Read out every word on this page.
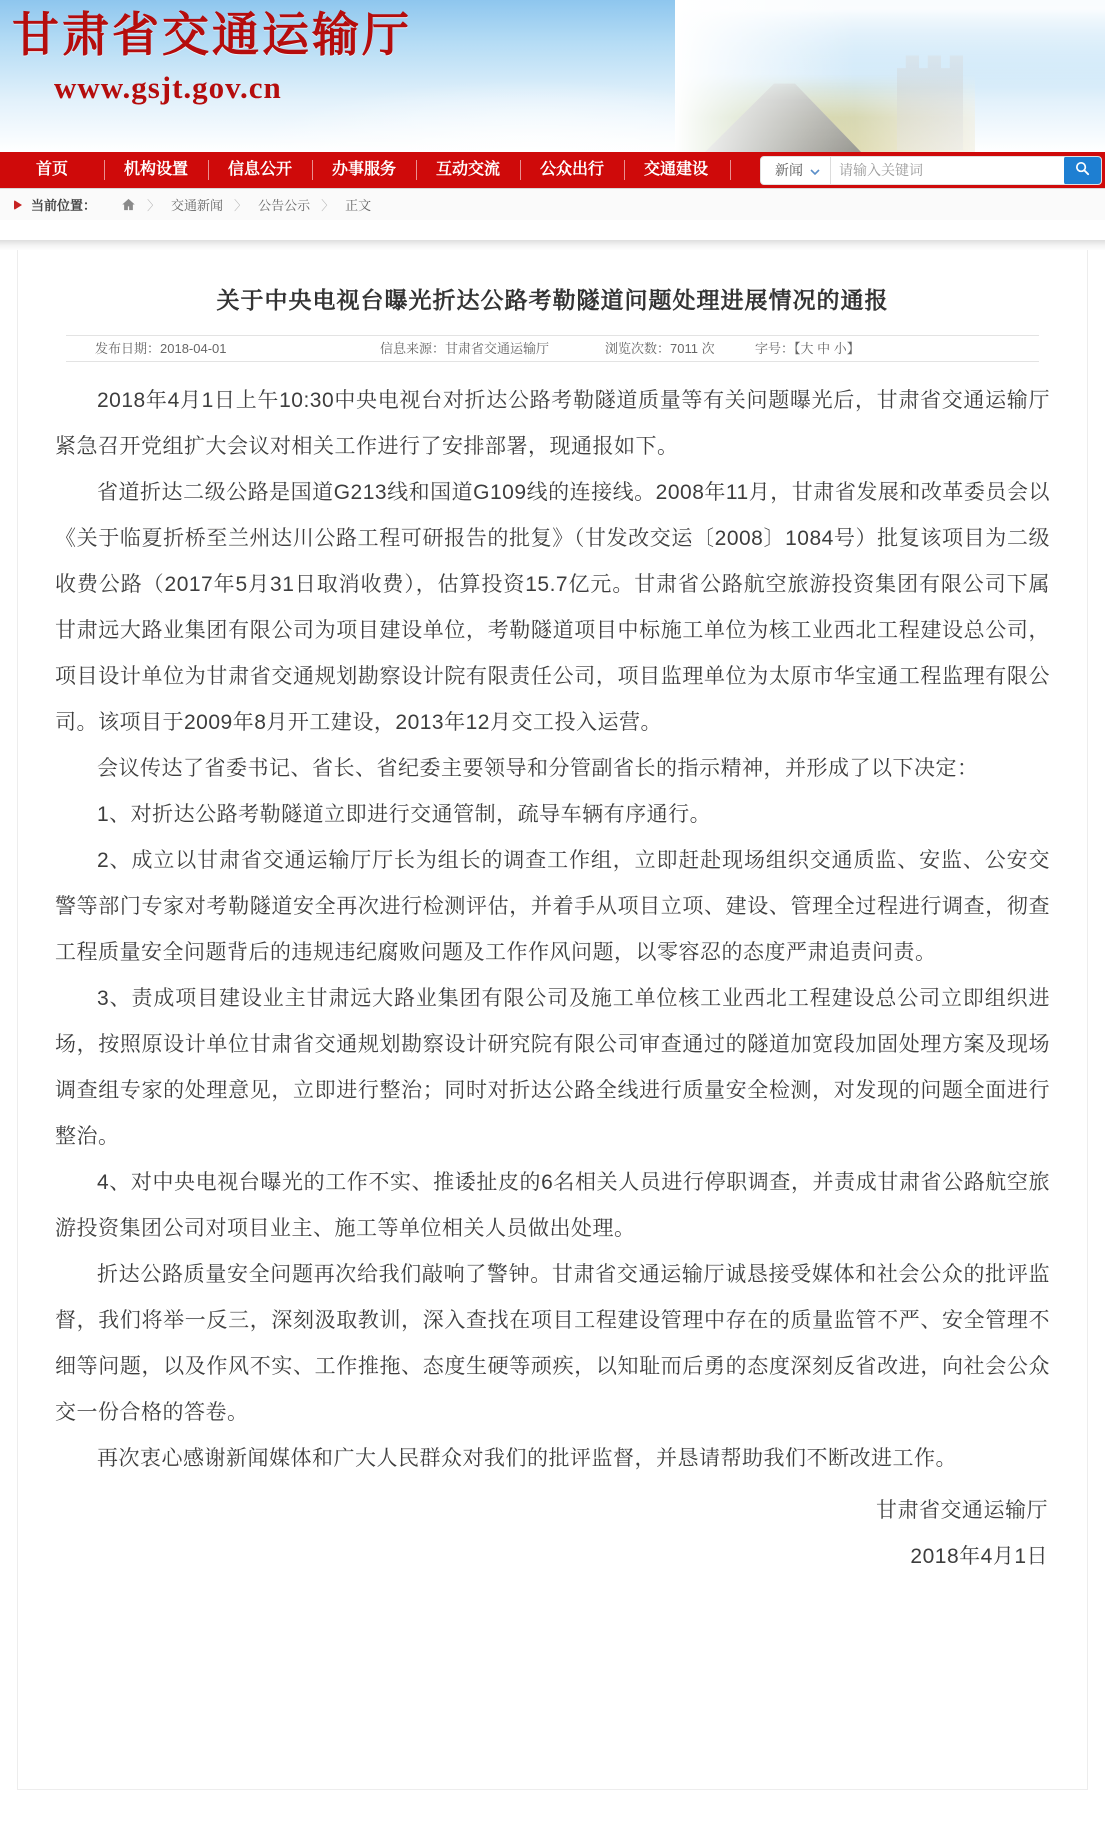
甘肃省交通运输厅
www.gsjt.gov.cn
首页	机构设置	信息公开	办事服务	互动交流	公众出行	交通建设	新闻
请输入关键词
当前位置：	〉 交通新闻 〉 公告公示 〉 正文
关于中央电视台曝光折达公路考勒隧道问题处理进展情况的通报
发布日期：2018-04-01	信息来源：甘肃省交通运输厅	浏览次数：7011 次	字号：【大 中 小】

2018年4月1日上午10:30中央电视台对折达公路考勒隧道质量等有关问题曝光后，甘肃省交通运输厅紧急召开党组扩大会议对相关工作进行了安排部署，现通报如下。

省道折达二级公路是国道G213线和国道G109线的连接线。2008年11月，甘肃省发展和改革委员会以《关于临夏折桥至兰州达川公路工程可研报告的批复》（甘发改交运〔2008〕1084号）批复该项目为二级收费公路（2017年5月31日取消收费），估算投资15.7亿元。甘肃省公路航空旅游投资集团有限公司下属甘肃远大路业集团有限公司为项目建设单位，考勒隧道项目中标施工单位为核工业西北工程建设总公司，项目设计单位为甘肃省交通规划勘察设计院有限责任公司，项目监理单位为太原市华宝通工程监理有限公司。该项目于2009年8月开工建设，2013年12月交工投入运营。

会议传达了省委书记、省长、省纪委主要领导和分管副省长的指示精神，并形成了以下决定：

1、对折达公路考勒隧道立即进行交通管制，疏导车辆有序通行。

2、成立以甘肃省交通运输厅厅长为组长的调查工作组，立即赶赴现场组织交通质监、安监、公安交警等部门专家对考勒隧道安全再次进行检测评估，并着手从项目立项、建设、管理全过程进行调查，彻查工程质量安全问题背后的违规违纪腐败问题及工作作风问题，以零容忍的态度严肃追责问责。

3、责成项目建设业主甘肃远大路业集团有限公司及施工单位核工业西北工程建设总公司立即组织进场，按照原设计单位甘肃省交通规划勘察设计研究院有限公司审查通过的隧道加宽段加固处理方案及现场调查组专家的处理意见，立即进行整治；同时对折达公路全线进行质量安全检测，对发现的问题全面进行整治。

4、对中央电视台曝光的工作不实、推诿扯皮的6名相关人员进行停职调查，并责成甘肃省公路航空旅游投资集团公司对项目业主、施工等单位相关人员做出处理。

折达公路质量安全问题再次给我们敲响了警钟。甘肃省交通运输厅诚恳接受媒体和社会公众的批评监督，我们将举一反三，深刻汲取教训，深入查找在项目工程建设管理中存在的质量监管不严、安全管理不细等问题，以及作风不实、工作推拖、态度生硬等顽疾，以知耻而后勇的态度深刻反省改进，向社会公众交一份合格的答卷。

再次衷心感谢新闻媒体和广大人民群众对我们的批评监督，并恳请帮助我们不断改进工作。

甘肃省交通运输厅

2018年4月1日
